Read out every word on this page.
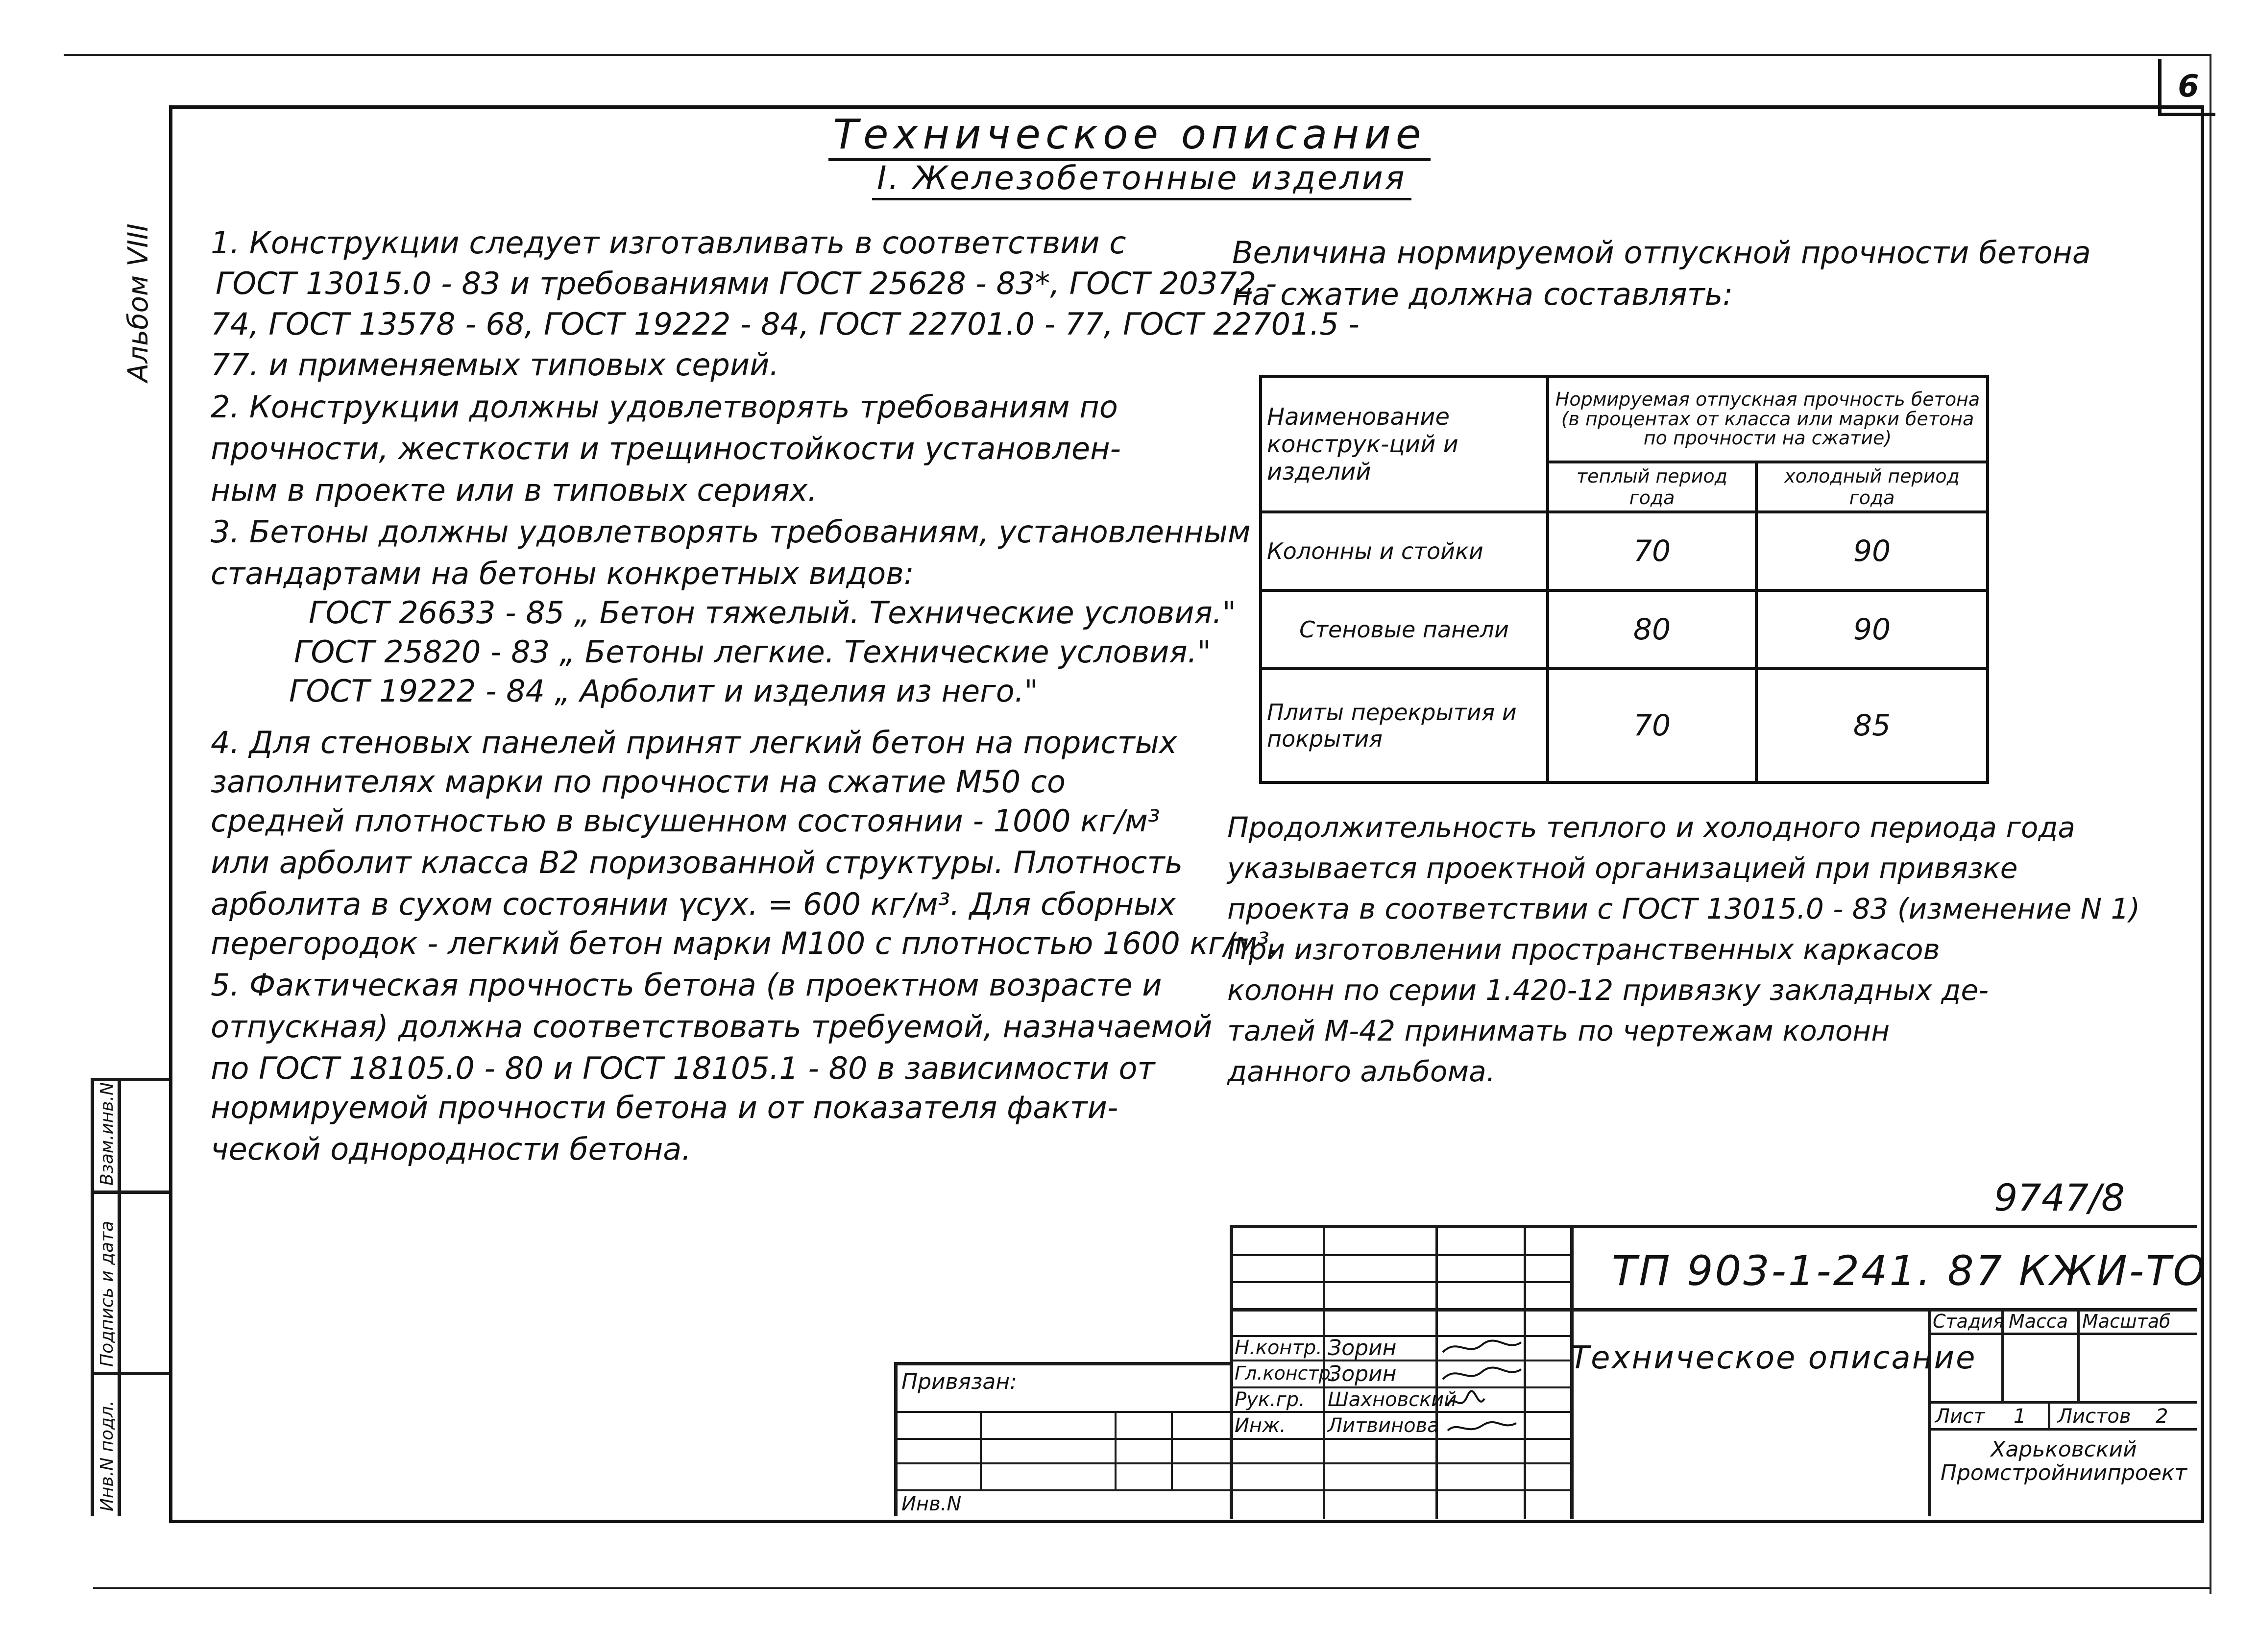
6
Альбом VIII
Взам.инв.N
Подпись и дата
Инв.N подл.
Техническое описание
I. Железобетонные изделия
1. Конструкции следует изготавливать в соответствии с
ГОСТ 13015.0 - 83 и требованиями ГОСТ 25628 - 83*, ГОСТ 20372 -
74, ГОСТ 13578 - 68, ГОСТ 19222 - 84, ГОСТ 22701.0 - 77, ГОСТ 22701.5 -
77. и применяемых типовых серий.
2. Конструкции должны удовлетворять требованиям по
прочности, жесткости и трещиностойкости установлен-
ным в проекте или в типовых сериях.
3. Бетоны должны удовлетворять требованиям, установленным
стандартами на бетоны конкретных видов:
ГОСТ 26633 - 85 „ Бетон тяжелый. Технические условия."
ГОСТ 25820 - 83 „ Бетоны легкие. Технические условия."
ГОСТ 19222 - 84 „ Арболит и изделия из него."
4. Для стеновых панелей принят легкий бетон на пористых
заполнителях марки по прочности на сжатие М50 со
средней плотностью в высушенном состоянии - 1000 кг/м³
или арболит класса В2 поризованной структуры. Плотность
арболита в сухом состоянии γсух. = 600 кг/м³. Для сборных
перегородок - легкий бетон марки М100 с плотностью 1600 кг/м³.
5. Фактическая прочность бетона (в проектном возрасте и
отпускная) должна соответствовать требуемой, назначаемой
по ГОСТ 18105.0 - 80 и ГОСТ 18105.1 - 80 в зависимости от
нормируемой прочности бетона и от показателя факти-
ческой однородности бетона.
Величина нормируемой отпускной прочности бетона
на сжатие должна составлять:
Наименование конструк-ций и изделий	Нормируемая отпускная прочность бетона (в процентах от класса или марки бетона по прочности на сжатие)	
	теплый период года	холодный период года
Колонны и стойки	70	90
Стеновые панели	80	90
Плиты перекрытия и покрытия	70	85
Продолжительность теплого и холодного периода года
указывается проектной организацией при привязке
проекта в соответствии с ГОСТ 13015.0 - 83 (изменение N 1)
При изготовлении пространственных каркасов
колонн по серии 1.420-12 привязку закладных де-
талей М-42 принимать по чертежам колонн
данного альбома.
9747/8
Привязан:
Инв.N
Н.контр. Зорин
Гл.констр.
Зорин
Рук.гр. Шахновский
Инж. Литвинова
ТП 903-1-241. 87 КЖИ-ТО
Техническое описание
Стадия Масса Масштаб
Лист 1 Листов 2
Харьковский Промстройниипроект
